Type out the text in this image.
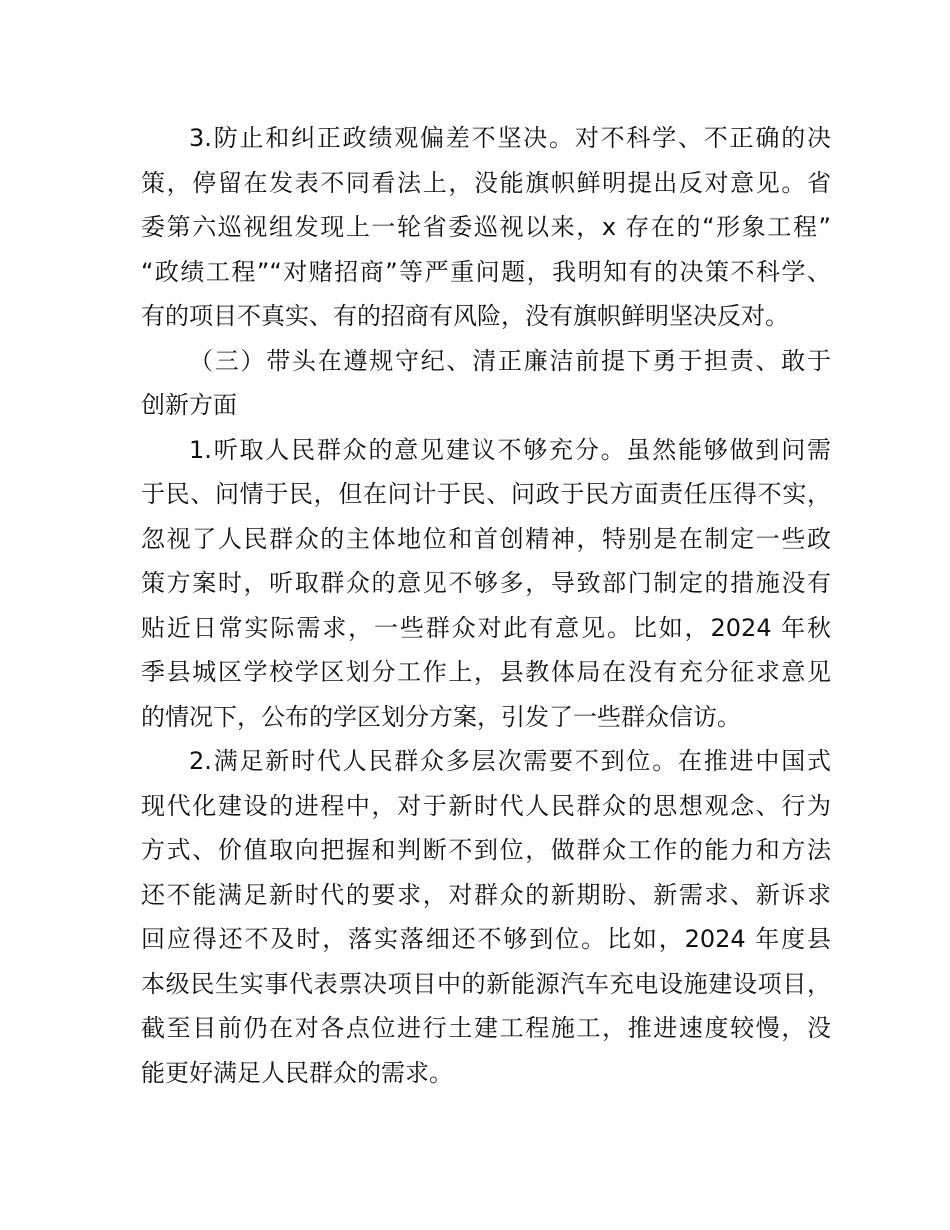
3.防止和纠正政绩观偏差不坚决。对不科学、不正确的决
策，停留在发表不同看法上，没能旗帜鲜明提出反对意见。省
委第六巡视组发现上一轮省委巡视以来，x 存在的“形象工程”
“政绩工程”“对赌招商”等严重问题，我明知有的决策不科学、
有的项目不真实、有的招商有风险，没有旗帜鲜明坚决反对。
（三）带头在遵规守纪、清正廉洁前提下勇于担责、敢于
创新方面
1.听取人民群众的意见建议不够充分。虽然能够做到问需
于民、问情于民，但在问计于民、问政于民方面责任压得不实，
忽视了人民群众的主体地位和首创精神，特别是在制定一些政
策方案时，听取群众的意见不够多，导致部门制定的措施没有
贴近日常实际需求，一些群众对此有意见。比如，2024 年秋
季县城区学校学区划分工作上，县教体局在没有充分征求意见
的情况下，公布的学区划分方案，引发了一些群众信访。
2.满足新时代人民群众多层次需要不到位。在推进中国式
现代化建设的进程中，对于新时代人民群众的思想观念、行为
方式、价值取向把握和判断不到位，做群众工作的能力和方法
还不能满足新时代的要求，对群众的新期盼、新需求、新诉求
回应得还不及时，落实落细还不够到位。比如，2024 年度县
本级民生实事代表票决项目中的新能源汽车充电设施建设项目，
截至目前仍在对各点位进行土建工程施工，推进速度较慢，没
能更好满足人民群众的需求。
